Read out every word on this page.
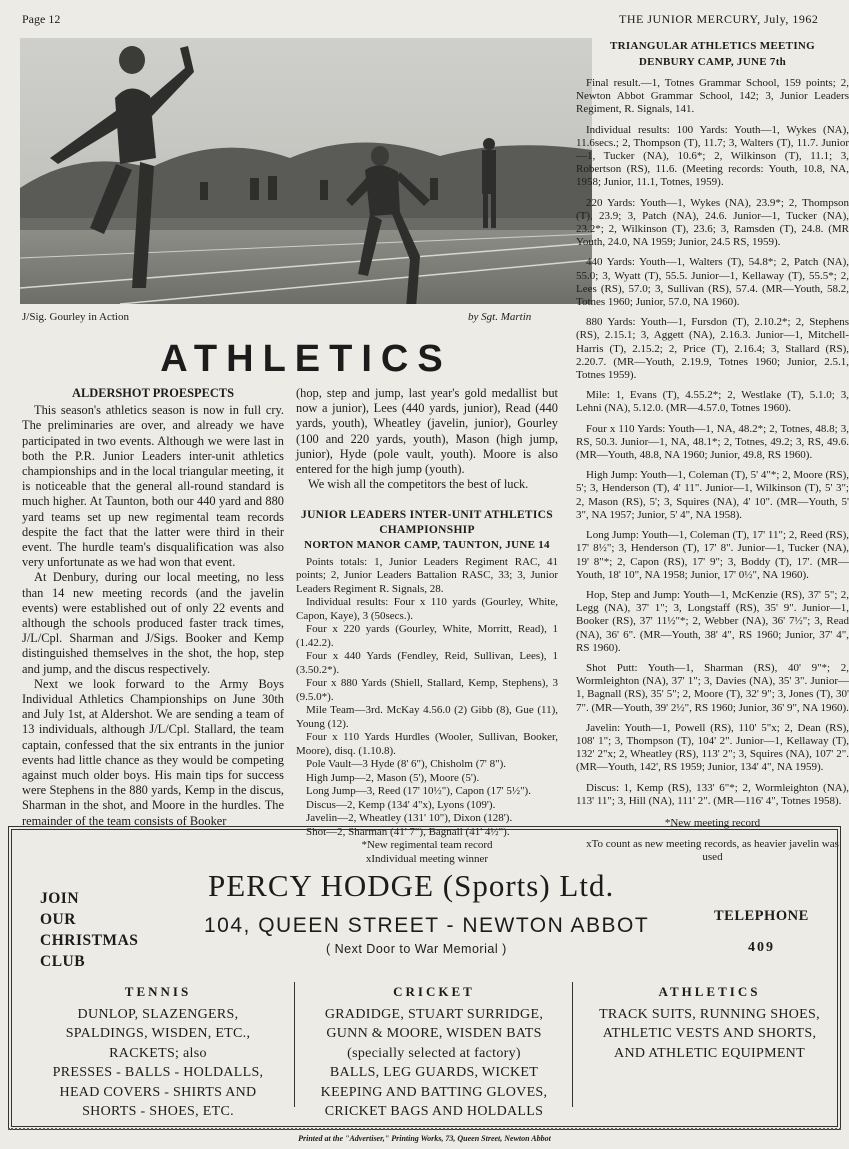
Page 12	THE JUNIOR MERCURY, July, 1962
J/Sig. Gourley in Action	by Sgt. Martin
ATHLETICS
ALDERSHOT PROESPECTS

This season's athletics season is now in full cry. The preliminaries are over, and already we have participated in two events. Although we were last in both the P.R. Junior Leaders inter-unit athletics championships and in the local triangular meeting, it is noticeable that the general all-round standard is much higher. At Taunton, both our 440 yard and 880 yard teams set up new regimental team records despite the fact that the latter were third in their event. The hurdle team's disqualification was also very unfortunate as we had won that event.

At Denbury, during our local meeting, no less than 14 new meeting records (and the javelin events) were established out of only 22 events and although the schools produced faster track times, J/L/Cpl. Sharman and J/Sigs. Booker and Kemp distinguished themselves in the shot, the hop, step and jump, and the discus respectively.

Next we look forward to the Army Boys Individual Athletics Championships on June 30th and July 1st, at Aldershot. We are sending a team of 13 individuals, although J/L/Cpl. Stallard, the team captain, confessed that the six entrants in the junior events had little chance as they would be competing against much older boys. His main tips for success were Stephens in the 880 yards, Kemp in the discus, Sharman in the shot, and Moore in the hurdles. The remainder of the team consists of Booker

(hop, step and jump, last year's gold medallist but now a junior), Lees (440 yards, junior), Read (440 yards, youth), Wheatley (javelin, junior), Gourley (100 and 220 yards, youth), Mason (high jump, junior), Hyde (pole vault, youth). Moore is also entered for the high jump (youth).

We wish all the competitors the best of luck.

JUNIOR LEADERS INTER-UNIT ATHLETICS CHAMPIONSHIP
NORTON MANOR CAMP, TAUNTON, JUNE 14

Points totals: 1, Junior Leaders Regiment RAC, 41 points; 2, Junior Leaders Battalion RASC, 33; 3, Junior Leaders Regiment R. Signals, 28.

Individual results: Four x 110 yards (Gourley, White, Capon, Kaye), 3 (50secs.).

Four x 220 yards (Gourley, White, Morritt, Read), 1 (1.42.2).

Four x 440 Yards (Fendley, Reid, Sullivan, Lees), 1 (3.50.2*).

Four x 880 Yards (Shiell, Stallard, Kemp, Stephens), 3 (9.5.0*).

Mile Team—3rd. McKay 4.56.0 (2) Gibb (8), Gue (11), Young (12).

Four x 110 Yards Hurdles (Wooler, Sullivan, Booker, Moore), disq. (1.10.8).

Pole Vault—3 Hyde (8' 6"), Chisholm (7' 8").

High Jump—2, Mason (5'), Moore (5').

Long Jump—3, Reed (17' 10½"), Capon (17' 5½").

Discus—2, Kemp (134' 4"x), Lyons (109').

Javelin—2, Wheatley (131' 10"), Dixon (128').

Shot—2, Sharman (41' 7"), Bagnall (41' 4½").

*New regimental team record
xIndividual meeting winner
TRIANGULAR ATHLETICS MEETING
DENBURY CAMP, JUNE 7th

Final result.—1, Totnes Grammar School, 159 points; 2, Newton Abbot Grammar School, 142; 3, Junior Leaders Regiment, R. Signals, 141.

Individual results: 100 Yards: Youth—1, Wykes (NA), 11.6secs.; 2, Thompson (T), 11.7; 3, Walters (T), 11.7. Junior—1, Tucker (NA), 10.6*; 2, Wilkinson (T), 11.1; 3, Robertson (RS), 11.6. (Meeting records: Youth, 10.8, NA, 1958; Junior, 11.1, Totnes, 1959).

220 Yards: Youth—1, Wykes (NA), 23.9*; 2, Thompson (T), 23.9; 3, Patch (NA), 24.6. Junior—1, Tucker (NA), 23.2*; 2, Wilkinson (T), 23.6; 3, Ramsden (T), 24.8. (MR Youth, 24.0, NA 1959; Junior, 24.5 RS, 1959).

440 Yards: Youth—1, Walters (T), 54.8*; 2, Patch (NA), 55.0; 3, Wyatt (T), 55.5. Junior—1, Kellaway (T), 55.5*; 2, Lees (RS), 57.0; 3, Sullivan (RS), 57.4. (MR—Youth, 58.2, Totnes 1960; Junior, 57.0, NA 1960).

880 Yards: Youth—1, Fursdon (T), 2.10.2*; 2, Stephens (RS), 2.15.1; 3, Aggett (NA), 2.16.3. Junior—1, Mitchell-Harris (T), 2.15.2; 2, Price (T), 2.16.4; 3, Stallard (RS), 2.20.7. (MR—Youth, 2.19.9, Totnes 1960; Junior, 2.5.1, Totnes 1959).

Mile: 1, Evans (T), 4.55.2*; 2, Westlake (T), 5.1.0; 3, Lehni (NA), 5.12.0. (MR—4.57.0, Totnes 1960).

Four x 110 Yards: Youth—1, NA, 48.2*; 2, Totnes, 48.8; 3, RS, 50.3. Junior—1, NA, 48.1*; 2, Totnes, 49.2; 3, RS, 49.6. (MR—Youth, 48.8, NA 1960; Junior, 49.8, RS 1960).

High Jump: Youth—1, Coleman (T), 5' 4"*; 2, Moore (RS), 5'; 3, Henderson (T), 4' 11". Junior—1, Wilkinson (T), 5' 3"; 2, Mason (RS), 5'; 3, Squires (NA), 4' 10". (MR—Youth, 5' 3", NA 1957; Junior, 5' 4", NA 1958).

Long Jump: Youth—1, Coleman (T), 17' 11"; 2, Reed (RS), 17' 8½"; 3, Henderson (T), 17' 8". Junior—1, Tucker (NA), 19' 8"*; 2, Capon (RS), 17' 9"; 3, Boddy (T), 17'. (MR—Youth, 18' 10", NA 1958; Junior, 17' 0½", NA 1960).

Hop, Step and Jump: Youth—1, McKenzie (RS), 37' 5"; 2, Legg (NA), 37' 1"; 3, Longstaff (RS), 35' 9". Junior—1, Booker (RS), 37' 11½"*; 2, Webber (NA), 36' 7½"; 3, Read (NA), 36' 6". (MR—Youth, 38' 4", RS 1960; Junior, 37' 4", RS 1960).

Shot Putt: Youth—1, Sharman (RS), 40' 9"*; 2, Wormleighton (NA), 37' 1"; 3, Davies (NA), 35' 3". Junior—1, Bagnall (RS), 35' 5"; 2, Moore (T), 32' 9"; 3, Jones (T), 30' 7". (MR—Youth, 39' 2½", RS 1960; Junior, 36' 9", NA 1960).

Javelin: Youth—1, Powell (RS), 110' 5"x; 2, Dean (RS), 108' 1"; 3, Thompson (T), 104' 2". Junior—1, Kellaway (T), 132' 2"x; 2, Wheatley (RS), 113' 2"; 3, Squires (NA), 107' 2". (MR—Youth, 142', RS 1959; Junior, 134' 4", NA 1959).

Discus: 1, Kemp (RS), 133' 6"*; 2, Wormleighton (NA), 113' 11"; 3, Hill (NA), 111' 2". (MR—116' 4", Totnes 1958).

*New meeting record
xTo count as new meeting records, as heavier javelin was used
JOIN
OUR
CHRISTMAS
CLUB
PERCY HODGE (Sports) Ltd.
104, QUEEN STREET - NEWTON ABBOT
( Next Door to War Memorial )
TELEPHONE
409
TENNIS
DUNLOP, SLAZENGERS,
SPALDINGS, WISDEN, ETC.,
RACKETS; also
PRESSES - BALLS - HOLDALLS,
HEAD COVERS - SHIRTS AND
SHORTS - SHOES, ETC.
CRICKET
GRADIDGE, STUART SURRIDGE,
GUNN & MOORE, WISDEN BATS
(specially selected at factory)
BALLS, LEG GUARDS, WICKET
KEEPING AND BATTING GLOVES,
CRICKET BAGS AND HOLDALLS
ATHLETICS
TRACK SUITS, RUNNING SHOES,
ATHLETIC VESTS AND SHORTS,
AND ATHLETIC EQUIPMENT
Printed at the "Advertiser," Printing Works, 73, Queen Street, Newton Abbot
